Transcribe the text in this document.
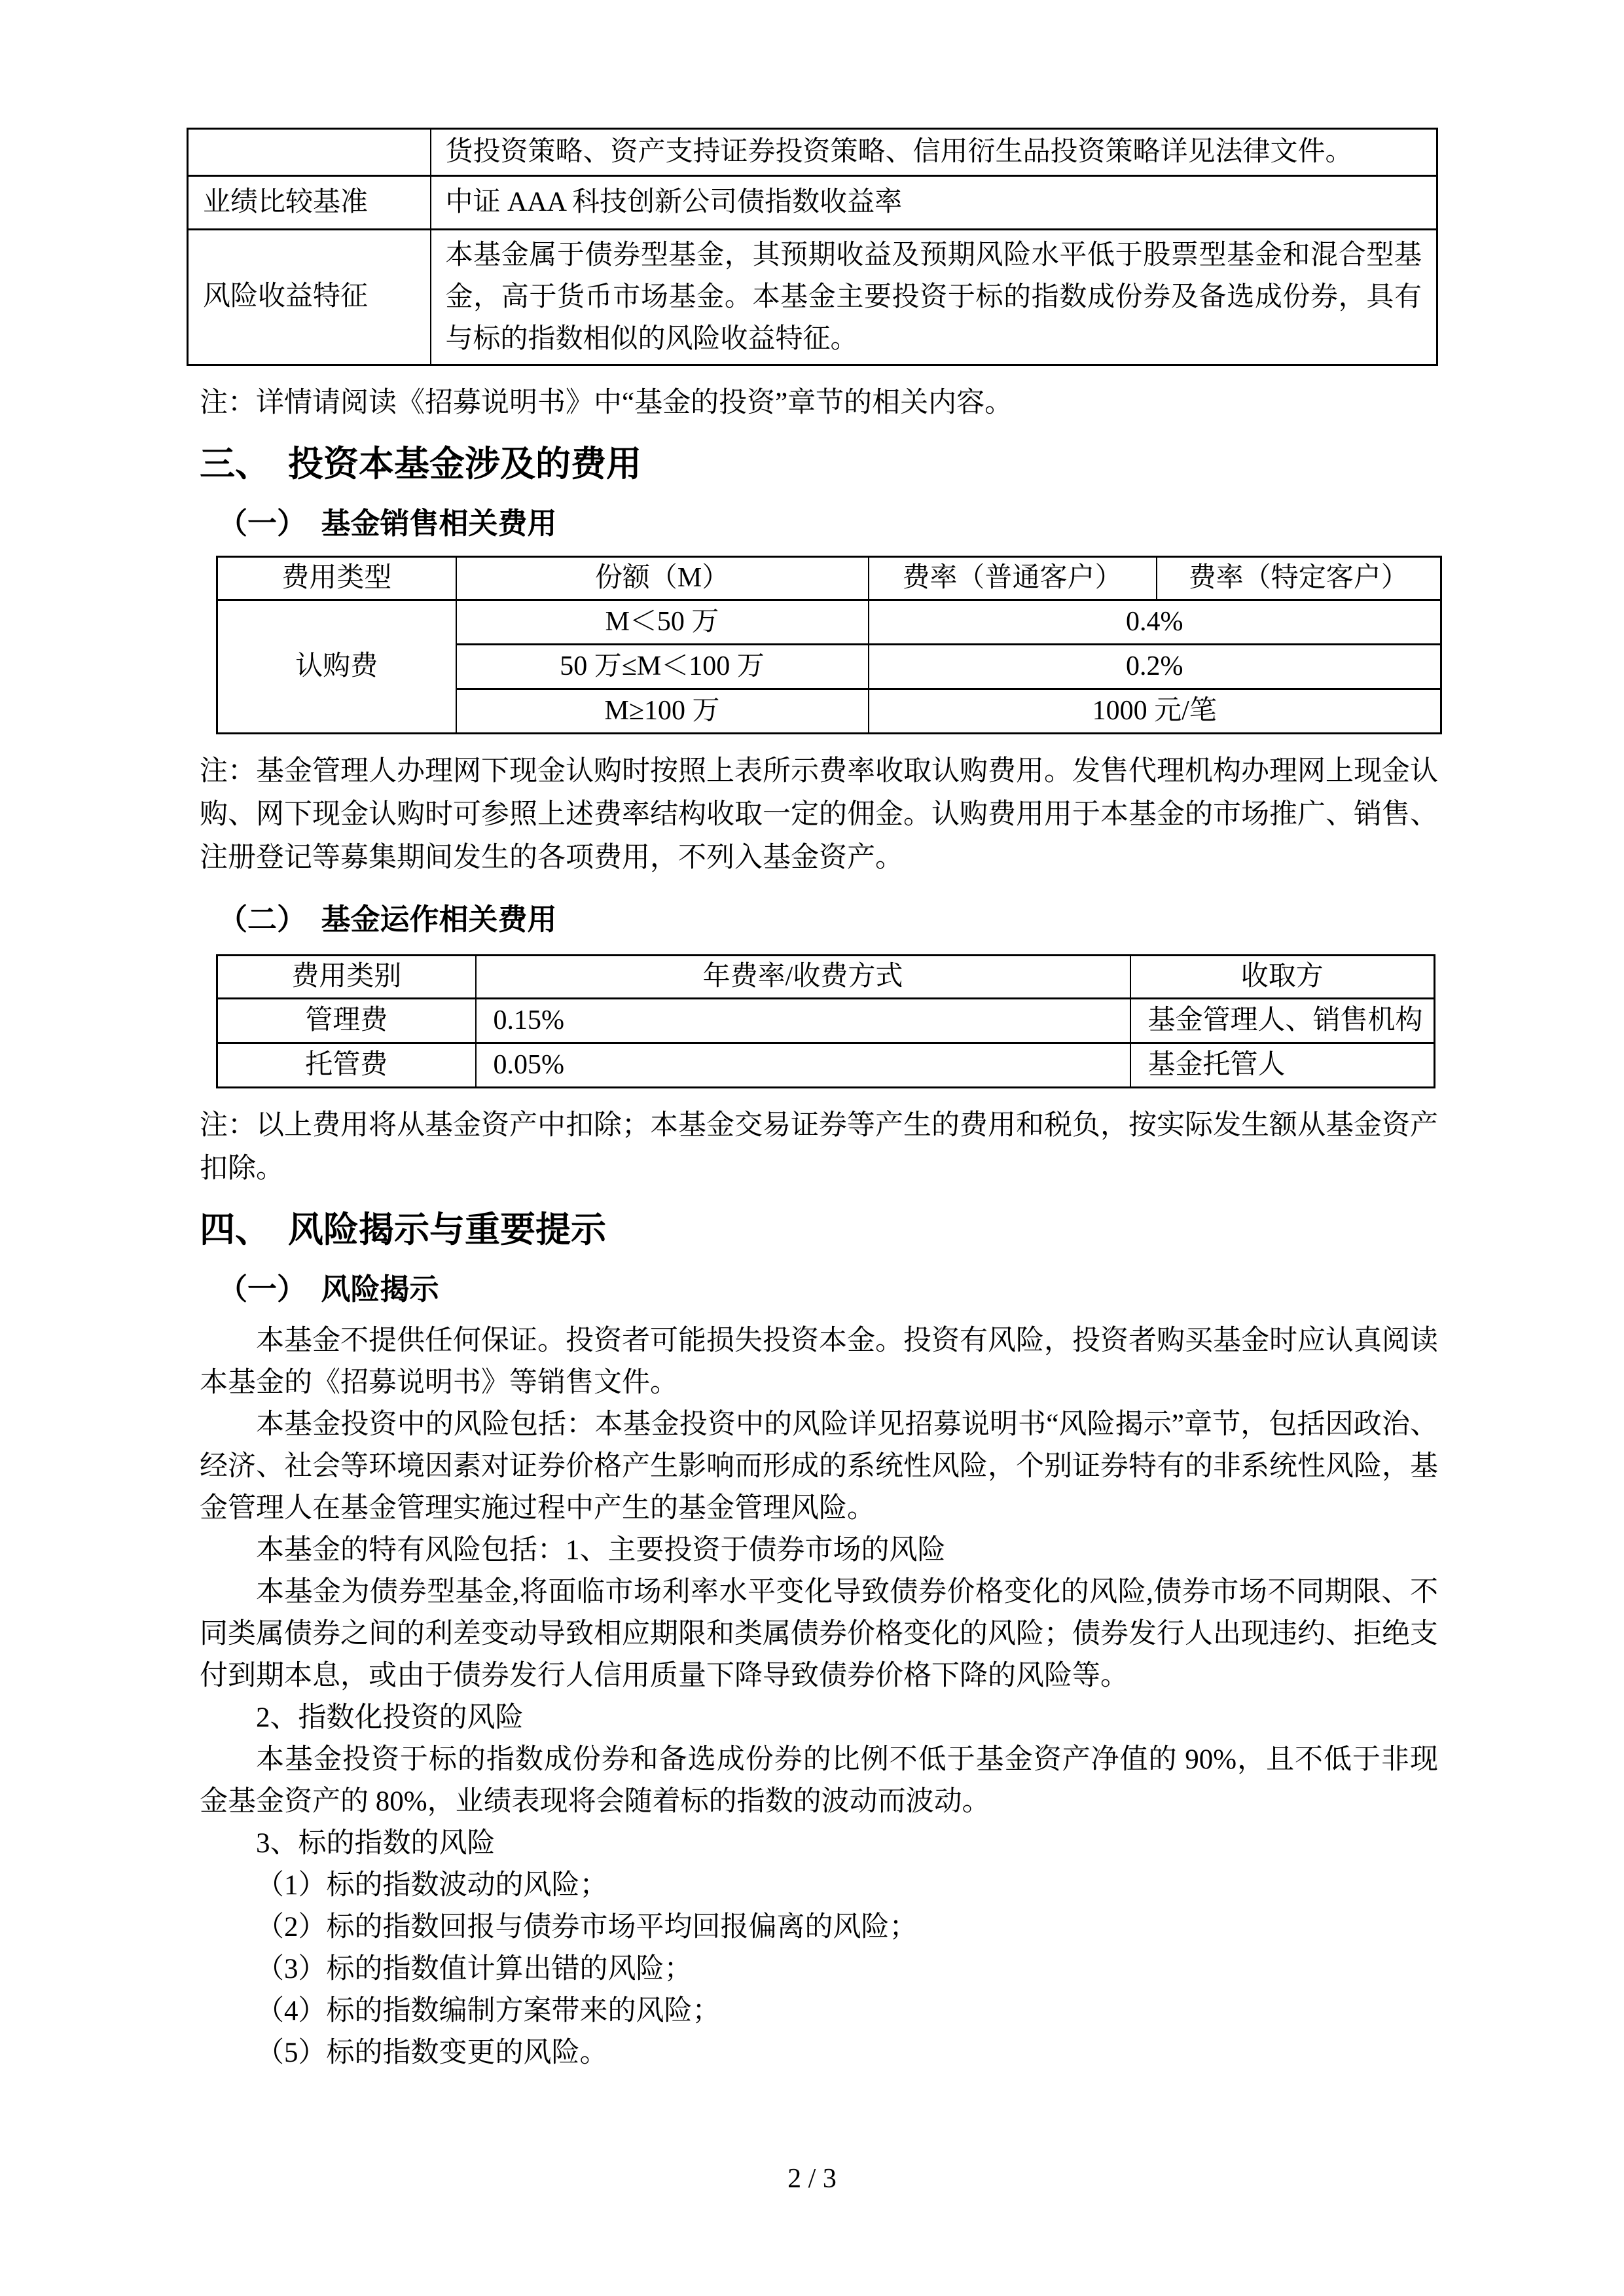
	货投资策略、资产支持证券投资策略、信用衍生品投资策略详见法律文件。
业绩比较基准	中证 AAA 科技创新公司债指数收益率
风险收益特征	本基金属于债券型基金，其预期收益及预期风险水平低于股票型基金和混合型基金，高于货币市场基金。本基金主要投资于标的指数成份券及备选成份券，具有与标的指数相似的风险收益特征。

注：详情请阅读《招募说明书》中“基金的投资”章节的相关内容。

三、　投资本基金涉及的费用
（一）　基金销售相关费用
费用类型	份额（M）	费率（普通客户）	费率（特定客户）
认购费	M＜50 万	0.4%	
	50 万≤M＜100 万	0.2%	
	M≥100 万	1000 元/笔	

注：基金管理人办理网下现金认购时按照上表所示费率收取认购费用。发售代理机构办理网上现金认购、网下现金认购时可参照上述费率结构收取一定的佣金。认购费用用于本基金的市场推广、销售、注册登记等募集期间发生的各项费用，不列入基金资产。

（二）　基金运作相关费用
费用类别	年费率/收费方式	收取方
管理费	0.15%	基金管理人、销售机构
托管费	0.05%	基金托管人

注：以上费用将从基金资产中扣除；本基金交易证券等产生的费用和税负，按实际发生额从基金资产扣除。

四、　风险揭示与重要提示
（一）　风险揭示

本基金不提供任何保证。投资者可能损失投资本金。投资有风险，投资者购买基金时应认真阅读本基金的《招募说明书》等销售文件。

本基金投资中的风险包括：本基金投资中的风险详见招募说明书“风险揭示”章节，包括因政治、经济、社会等环境因素对证券价格产生影响而形成的系统性风险，个别证券特有的非系统性风险，基金管理人在基金管理实施过程中产生的基金管理风险。

本基金的特有风险包括：1、主要投资于债券市场的风险

本基金为债券型基金,将面临市场利率水平变化导致债券价格变化的风险,债券市场不同期限、不同类属债券之间的利差变动导致相应期限和类属债券价格变化的风险；债券发行人出现违约、拒绝支付到期本息，或由于债券发行人信用质量下降导致债券价格下降的风险等。

2、指数化投资的风险

本基金投资于标的指数成份券和备选成份券的比例不低于基金资产净值的 90%，且不低于非现金基金资产的 80%，业绩表现将会随着标的指数的波动而波动。

3、标的指数的风险

（1）标的指数波动的风险；

（2）标的指数回报与债券市场平均回报偏离的风险；

（3）标的指数值计算出错的风险；

（4）标的指数编制方案带来的风险；

（5）标的指数变更的风险。

2 / 3
